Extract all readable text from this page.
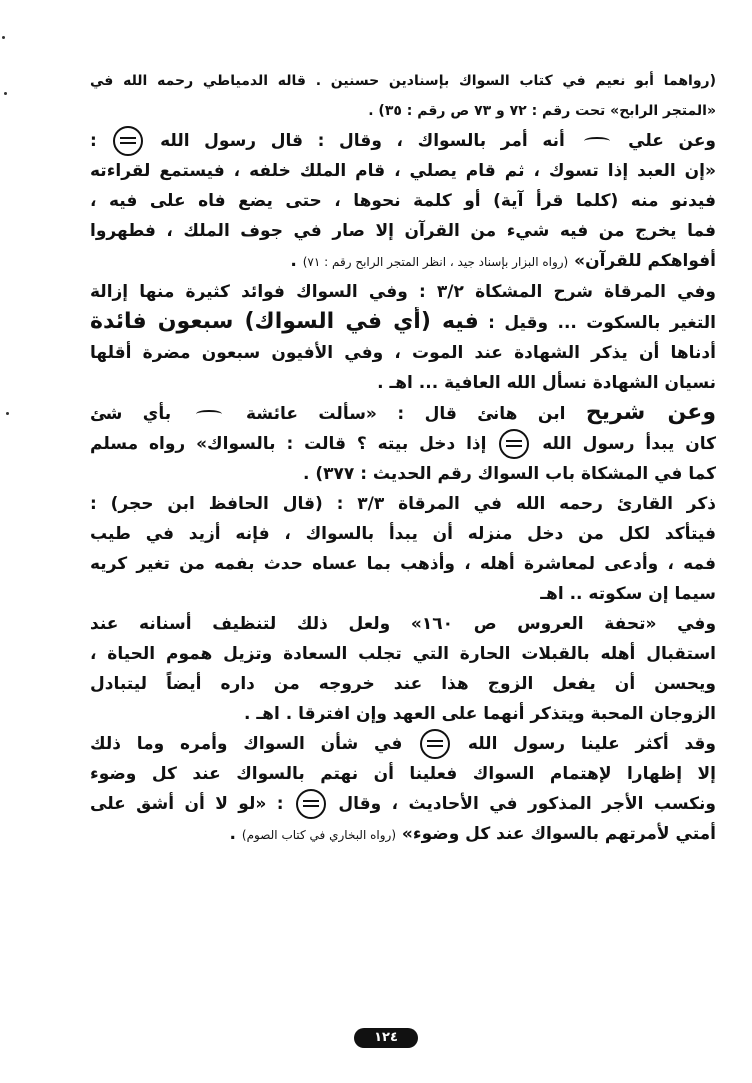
(رواهما أبو نعيم في كتاب السواك بإسنادين حسنين . قاله الدمياطي رحمه الله في
«المتجر الرابح» تحت رقم : ٧٢ و ٧٣ ص رقم : ٣٥) .
وعن علي  أنه أمر بالسواك ، وقال : قال رسول الله  :
«إن العبد إذا تسوك ، ثم قام يصلي ، قام الملك خلفه ، فيستمع لقراءته
فيدنو منه (كلما قرأ آية) أو كلمة نحوها ، حتى يضع فاه على فيه ،
فما يخرج من فيه شيء من القرآن إلا صار في جوف الملك ، فطهروا
أفواهكم للقرآن» (رواه البزار بإسناد جيد ، انظر المتجر الرابح رقم : ٧١) .
وفي المرقاة شرح المشكاة ٣/٢ : وفي السواك فوائد كثيرة منها إزالة
التغير بالسكوت ... وقيل : فيه (أي في السواك) سبعون فائدة
أدناها أن يذكر الشهادة عند الموت ، وفي الأفيون سبعون مضرة أقلها
نسيان الشهادة نسأل الله العافية ... اهـ .
وعن شريح ابن هانئ قال : «سألت عائشة  بأي شئ
كان يبدأ رسول الله  إذا دخل بيته ؟ قالت : بالسواك» رواه مسلم
كما في المشكاة باب السواك رقم الحديث : ٣٧٧) .
ذكر القارئ رحمه الله في المرقاة ٣/٣ : (قال الحافظ ابن حجر) :
فيتأكد لكل من دخل منزله أن يبدأ بالسواك ، فإنه أزيد في طيب
فمه ، وأدعى لمعاشرة أهله ، وأذهب بما عساه حدث بفمه من تغير كريه
سيما إن سكوته .. اهـ
وفي «تحفة العروس ص ١٦٠» ولعل ذلك لتنظيف أسنانه عند
استقبال أهله بالقبلات الحارة التي تجلب السعادة وتزيل هموم الحياة ،
ويحسن أن يفعل الزوج هذا عند خروجه من داره أيضاً ليتبادل
الزوجان المحبة ويتذكر أنهما على العهد وإن افترقا . اهـ .
وقد أكثر علينا رسول الله  في شأن السواك وأمره وما ذلك
إلا إظهارا لإهتمام السواك فعلينا أن نهتم بالسواك عند كل وضوء
ونكسب الأجر المذكور في الأحاديث ، وقال  : «لو لا أن أشق على
أمتي لأمرتهم بالسواك عند كل وضوء» (رواه البخاري في كتاب الصوم) .
١٢٤
